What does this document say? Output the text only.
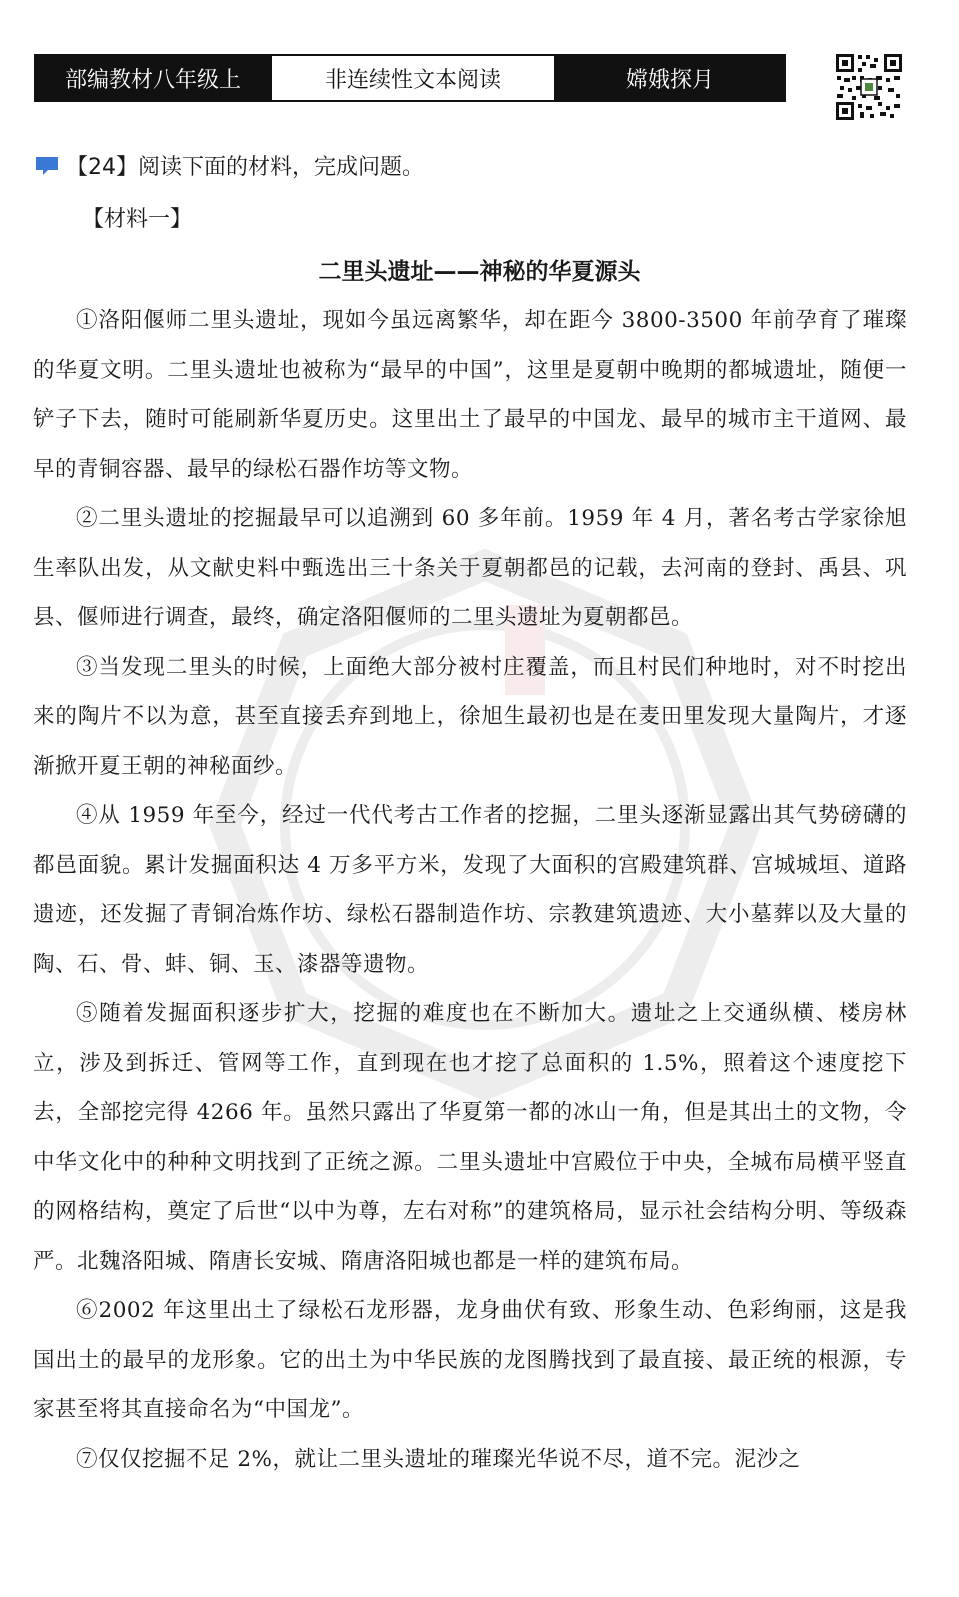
部编教材八年级上	非连续性文本阅读	嫦娥探月
【24】阅读下面的材料，完成问题。
【材料一】
二里头遗址——神秘的华夏源头

①洛阳偃师二里头遗址，现如今虽远离繁华，却在距今 3800-3500 年前孕育了璀璨的华夏文明。二里头遗址也被称为“最早的中国”，这里是夏朝中晚期的都城遗址，随便一铲子下去，随时可能刷新华夏历史。这里出土了最早的中国龙、最早的城市主干道网、最早的青铜容器、最早的绿松石器作坊等文物。

②二里头遗址的挖掘最早可以追溯到 60 多年前。1959 年 4 月，著名考古学家徐旭生率队出发，从文献史料中甄选出三十条关于夏朝都邑的记载，去河南的登封、禹县、巩县、偃师进行调查，最终，确定洛阳偃师的二里头遗址为夏朝都邑。

③当发现二里头的时候，上面绝大部分被村庄覆盖，而且村民们种地时，对不时挖出来的陶片不以为意，甚至直接丢弃到地上，徐旭生最初也是在麦田里发现大量陶片，才逐渐掀开夏王朝的神秘面纱。

④从 1959 年至今，经过一代代考古工作者的挖掘，二里头逐渐显露出其气势磅礴的都邑面貌。累计发掘面积达 4 万多平方米，发现了大面积的宫殿建筑群、宫城城垣、道路遗迹，还发掘了青铜冶炼作坊、绿松石器制造作坊、宗教建筑遗迹、大小墓葬以及大量的陶、石、骨、蚌、铜、玉、漆器等遗物。

⑤随着发掘面积逐步扩大，挖掘的难度也在不断加大。遗址之上交通纵横、楼房林立，涉及到拆迁、管网等工作，直到现在也才挖了总面积的 1.5%，照着这个速度挖下去，全部挖完得 4266 年。虽然只露出了华夏第一都的冰山一角，但是其出土的文物，令中华文化中的种种文明找到了正统之源。二里头遗址中宫殿位于中央，全城布局横平竖直的网格结构，奠定了后世“以中为尊，左右对称”的建筑格局，显示社会结构分明、等级森严。北魏洛阳城、隋唐长安城、隋唐洛阳城也都是一样的建筑布局。

⑥2002 年这里出土了绿松石龙形器，龙身曲伏有致、形象生动、色彩绚丽，这是我国出土的最早的龙形象。它的出土为中华民族的龙图腾找到了最直接、最正统的根源，专家甚至将其直接命名为“中国龙”。

⑦仅仅挖掘不足 2%，就让二里头遗址的璀璨光华说不尽，道不完。泥沙之
